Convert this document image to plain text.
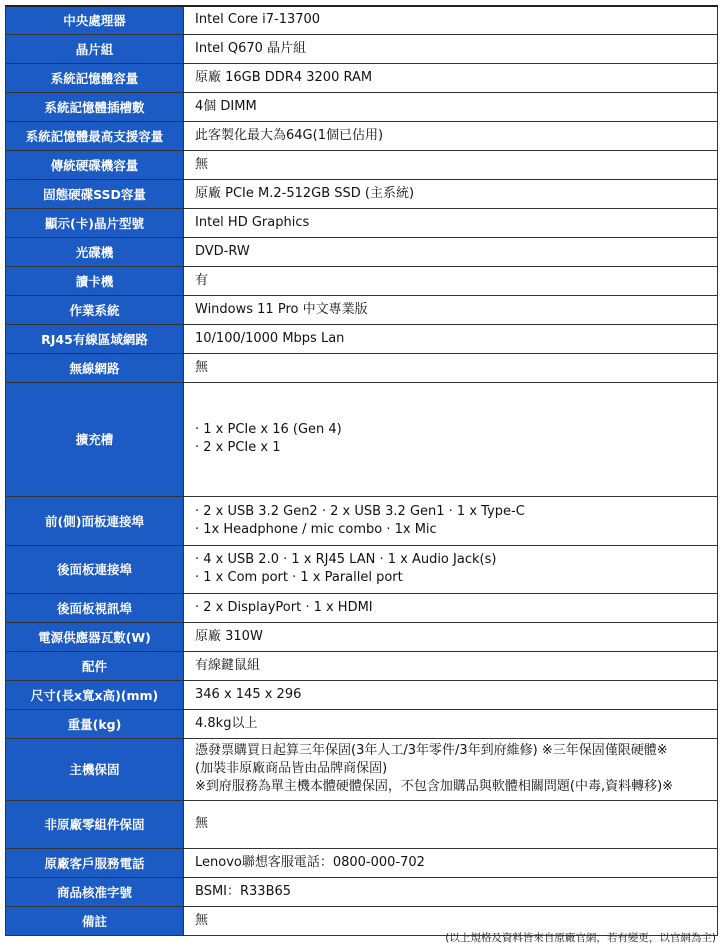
中央處理器	Intel Core i7-13700

晶片組	Intel Q670 晶片組

系統記憶體容量	原廠 16GB DDR4 3200 RAM

系統記憶體插槽數	4個 DIMM

系統記憶體最高支援容量	此客製化最大為64G(1個已佔用)

傳統硬碟機容量	無

固態硬碟SSD容量	原廠 PCIe M.2-512GB SSD (主系統)

顯示(卡)晶片型號	Intel HD Graphics

光碟機	DVD-RW

讀卡機	有

作業系統	Windows 11 Pro 中文專業版

RJ45有線區域網路	10/100/1000 Mbps Lan

無線網路	無

擴充槽	· 1 x PCIe x 16 (Gen 4)
· 2 x PCIe x 1

前(側)面板連接埠	· 2 x USB 3.2 Gen2 · 2 x USB 3.2 Gen1 · 1 x Type-C
· 1x Headphone / mic combo · 1x Mic

後面板連接埠	· 4 x USB 2.0 · 1 x RJ45 LAN · 1 x Audio Jack(s)
· 1 x Com port · 1 x Parallel port

後面板視訊埠	· 2 x DisplayPort · 1 x HDMI

電源供應器瓦數(W)	原廠 310W

配件	有線鍵鼠組

尺寸(長x寬x高)(mm)	346 x 145 x 296

重量(kg)	4.8kg以上

主機保固	憑發票購買日起算三年保固(3年人工/3年零件/3年到府維修) ※三年保固僅限硬體※
(加裝非原廠商品皆由品牌商保固)
※到府服務為單主機本體硬體保固，不包含加購品與軟體相關問題(中毒,資料轉移)※

非原廠零組件保固	無

原廠客戶服務電話	Lenovo聯想客服電話：0800-000-702

商品核准字號	BSMI：R33B65

備註	無
(以上規格及資料皆來自原廠官網，若有變更，以官網為主)
